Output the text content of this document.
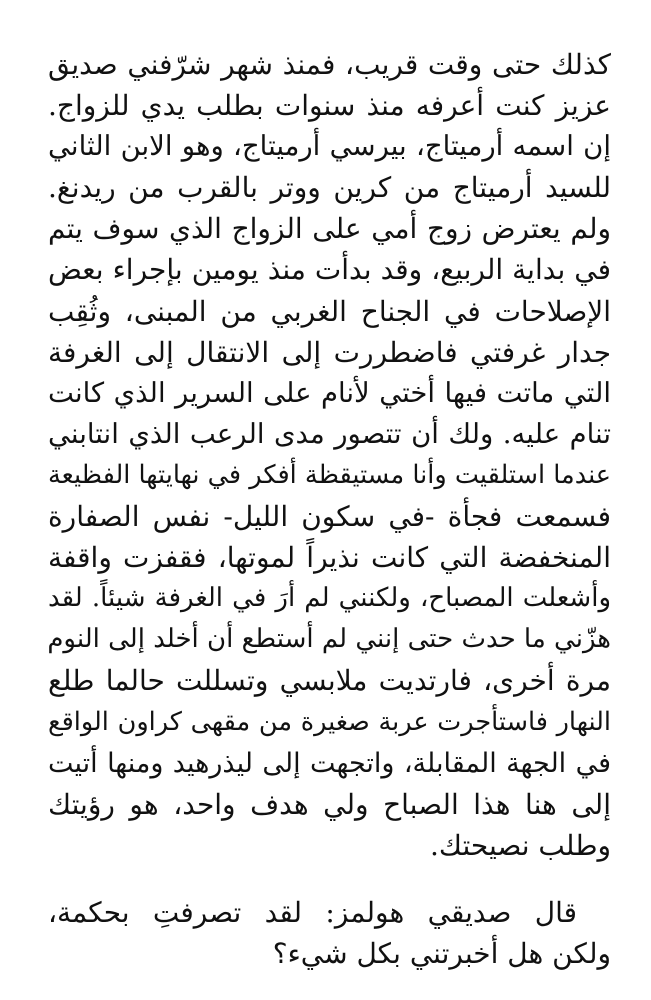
كذلك حتى وقت قريب، فمنذ شهر شرّفني صديق
عزيز كنت أعرفه منذ سنوات بطلب يدي للزواج.
إن اسمه أرميتاج، بيرسي أرميتاج، وهو الابن الثاني
للسيد أرميتاج من كرين ووتر بالقرب من ريدنغ.
ولم يعترض زوج أمي على الزواج الذي سوف يتم
في بداية الربيع، وقد بدأت منذ يومين بإجراء بعض
الإصلاحات في الجناح الغربي من المبنى، وثُقِب
جدار غرفتي فاضطررت إلى الانتقال إلى الغرفة
التي ماتت فيها أختي لأنام على السرير الذي كانت
تنام عليه. ولك أن تتصور مدى الرعب الذي انتابني
عندما استلقيت وأنا مستيقظة أفكر في نهايتها الفظيعة
فسمعت فجأة -في سكون الليل- نفس الصفارة
المنخفضة التي كانت نذيراً لموتها، فقفزت واقفة
وأشعلت المصباح، ولكنني لم أرَ في الغرفة شيئاً. لقد
هزّني ما حدث حتى إنني لم أستطع أن أخلد إلى النوم
مرة أخرى، فارتديت ملابسي وتسللت حالما طلع
النهار فاستأجرت عربة صغيرة من مقهى كراون الواقع
في الجهة المقابلة، واتجهت إلى ليذرهيد ومنها أتيت
إلى هنا هذا الصباح ولي هدف واحد، هو رؤيتك
وطلب نصيحتك.
قال صديقي هولمز: لقد تصرفتِ بحكمة،
ولكن هل أخبرتني بكل شيء؟
